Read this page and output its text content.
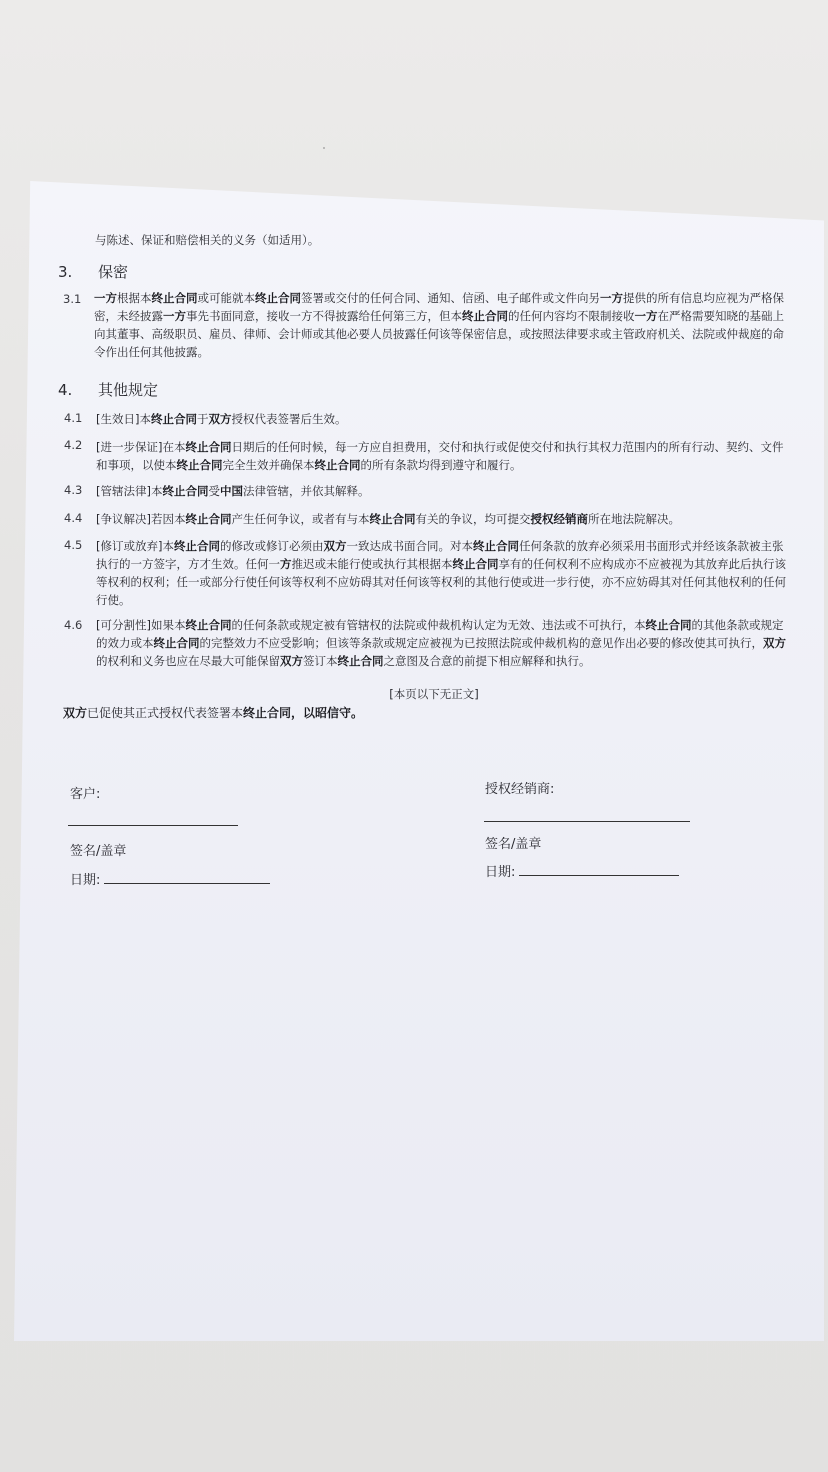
与陈述、保证和赔偿相关的义务（如适用）。
3. 保密
3.1 一方根据本终止合同或可能就本终止合同签署或交付的任何合同、通知、信函、电子邮件或文件向另一方提供的所有信息均应视为严格保密，未经披露一方事先书面同意，接收一方不得披露给任何第三方，但本终止合同的任何内容均不限制接收一方在严格需要知晓的基础上向其董事、高级职员、雇员、律师、会计师或其他必要人员披露任何该等保密信息，或按照法律要求或主管政府机关、法院或仲裁庭的命令作出任何其他披露。
4. 其他规定
4.1 [生效日]本终止合同于双方授权代表签署后生效。
4.2 [进一步保证]在本终止合同日期后的任何时候，每一方应自担费用，交付和执行或促使交付和执行其权力范围内的所有行动、契约、文件和事项，以使本终止合同完全生效并确保本终止合同的所有条款均得到遵守和履行。
4.3 [管辖法律]本终止合同受中国法律管辖，并依其解释。
4.4 [争议解决]若因本终止合同产生任何争议，或者有与本终止合同有关的争议，均可提交授权经销商所在地法院解决。
4.5 [修订或放弃]本终止合同的修改或修订必须由双方一致达成书面合同。对本终止合同任何条款的放弃必须采用书面形式并经该条款被主张执行的一方签字，方才生效。任何一方推迟或未能行使或执行其根据本终止合同享有的任何权利不应构成亦不应被视为其放弃此后执行该等权利的权利；任一或部分行使任何该等权利不应妨碍其对任何该等权利的其他行使或进一步行使，亦不应妨碍其对任何其他权利的任何行使。
4.6 [可分割性]如果本终止合同的任何条款或规定被有管辖权的法院或仲裁机构认定为无效、违法或不可执行，本终止合同的其他条款或规定的效力或本终止合同的完整效力不应受影响；但该等条款或规定应被视为已按照法院或仲裁机构的意见作出必要的修改使其可执行，双方的权利和义务也应在尽最大可能保留双方签订本终止合同之意图及合意的前提下相应解释和执行。
[本页以下无正文]
双方已促使其正式授权代表签署本终止合同，以昭信守。
客户:
签名/盖章
日期:
授权经销商:
签名/盖章
日期:
